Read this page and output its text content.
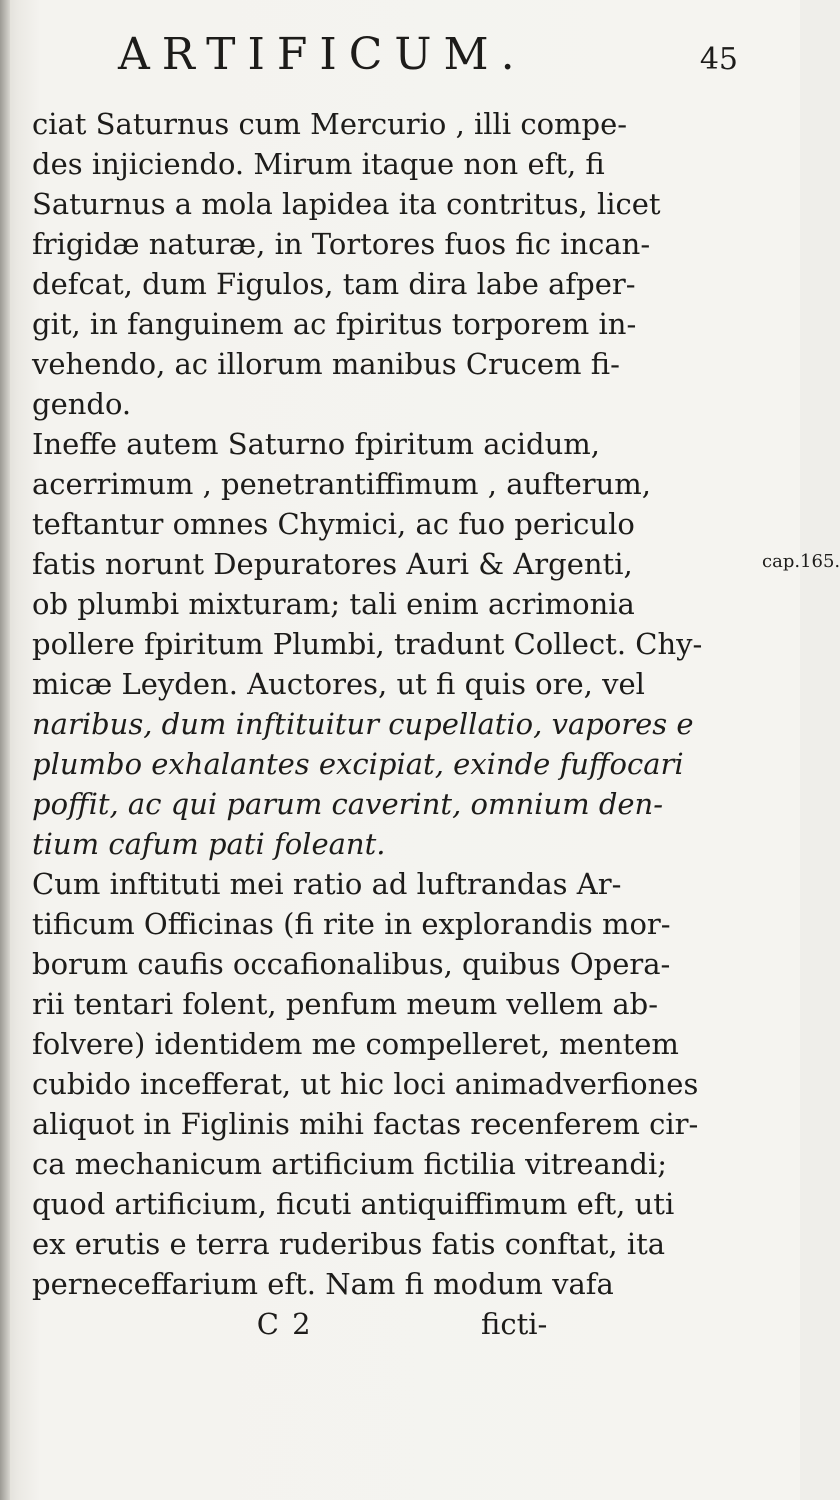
ARTIFICUM.	45
ciat Saturnus cum Mercurio , illi compe-
des injiciendo. Mirum itaque non eft, fi
Saturnus a mola lapidea ita contritus, licet
frigidæ naturæ, in Tortores fuos fic incan-
defcat, dum Figulos, tam dira labe afper-
git, in fanguinem ac fpiritus torporem in-
vehendo, ac illorum manibus Crucem fi-
gendo.
Ineffe autem Saturno fpiritum acidum,
acerrimum , penetrantiffimum , aufterum,
teftantur omnes Chymici, ac fuo periculo
fatis norunt Depuratores Auri & Argenti,
ob plumbi mixturam; tali enim acrimonia
pollere fpiritum Plumbi, tradunt Collect. Chy-
micæ Leyden. Auctores, ut fi quis ore, vel
naribus, dum inftituitur cupellatio, vapores e
plumbo exhalantes excipiat, exinde fuffocari
poffit, ac qui parum caverint, omnium den-
tium cafum pati foleant.
Cum inftituti mei ratio ad luftrandas Ar-
tificum Officinas (fi rite in explorandis mor-
borum caufis occafionalibus, quibus Opera-
rii tentari folent, penfum meum vellem ab-
folvere) identidem me compelleret, mentem
cubido incefferat, ut hic loci animadverfiones
aliquot in Figlinis mihi factas recenferem cir-
ca mechanicum artificium fictilia vitreandi;
quod artificium, ficuti antiquiffimum eft, uti
ex erutis e terra ruderibus fatis conftat, ita
perneceffarium eft. Nam fi modum vafa
C 2	ficti-
cap.165.
